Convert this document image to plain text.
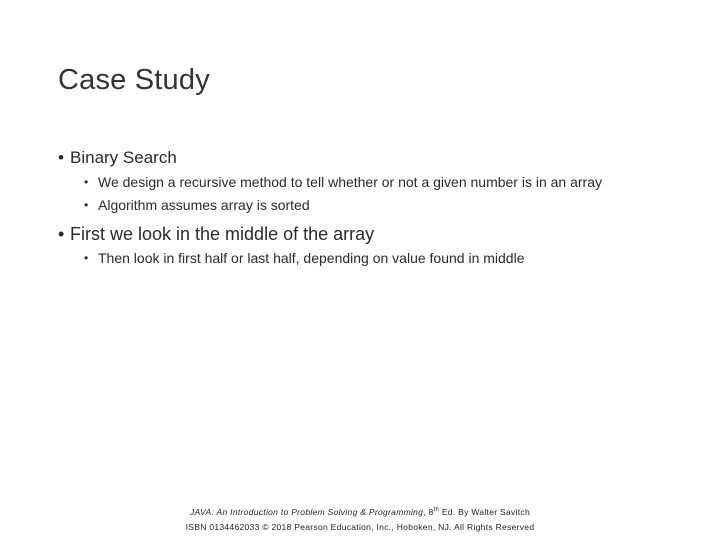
Case Study
• Binary Search
• We design a recursive method to tell whether or not a given number is in an array
• Algorithm assumes array is sorted
• First we look in the middle of the array
• Then look in first half or last half, depending on value found in middle
JAVA: An Introduction to Problem Solving & Programming, 8th Ed. By Walter Savitch
ISBN 0134462033 © 2018 Pearson Education, Inc., Hoboken, NJ. All Rights Reserved
